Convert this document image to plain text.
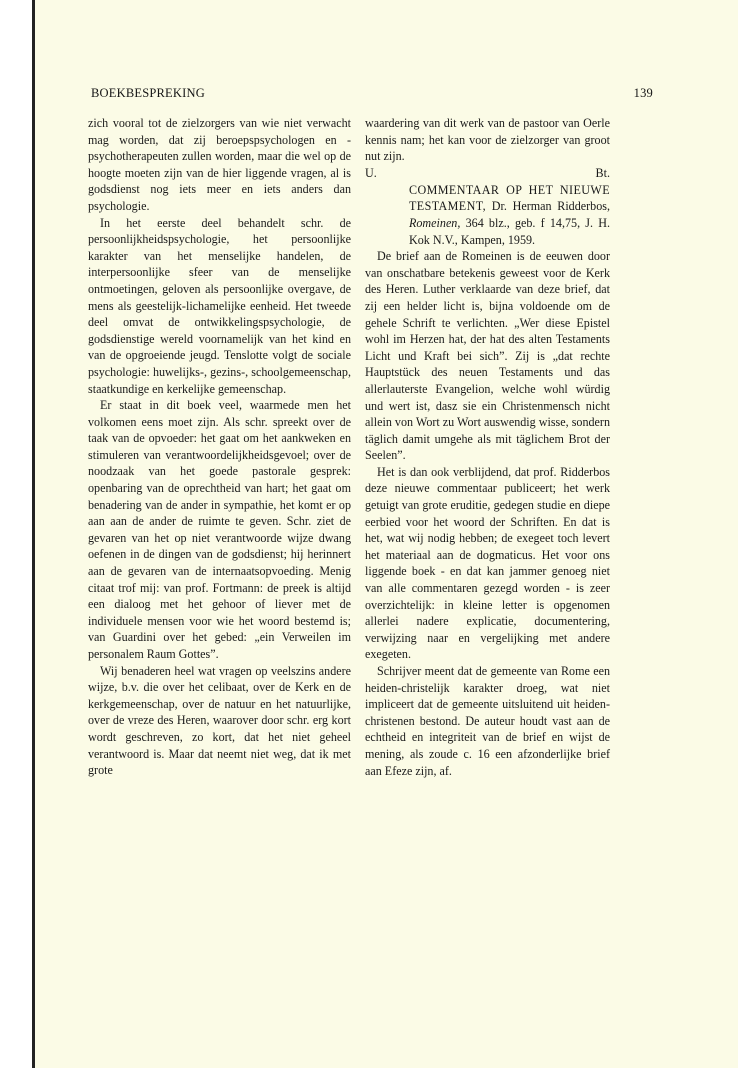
BOEKBESPREKING	139

zich vooral tot de zielzorgers van wie niet verwacht mag worden, dat zij beroepspsychologen en -psychotherapeuten zullen worden, maar die wel op de hoogte moeten zijn van de hier liggende vragen, al is godsdienst nog iets meer en iets anders dan psychologie.

In het eerste deel behandelt schr. de persoonlijkheidspsychologie, het persoonlijke karakter van het menselijke handelen, de interpersoonlijke sfeer van de menselijke ontmoetingen, geloven als persoonlijke overgave, de mens als geestelijk-lichamelijke eenheid. Het tweede deel omvat de ontwikkelingspsychologie, de godsdienstige wereld voornamelijk van het kind en van de opgroeiende jeugd. Tenslotte volgt de sociale psychologie: huwelijks-, gezins-, schoolgemeenschap, staatkundige en kerkelijke gemeenschap.

Er staat in dit boek veel, waarmede men het volkomen eens moet zijn. Als schr. spreekt over de taak van de opvoeder: het gaat om het aankweken en stimuleren van verantwoordelijkheidsgevoel; over de noodzaak van het goede pastorale gesprek: openbaring van de oprechtheid van hart; het gaat om benadering van de ander in sympathie, het komt er op aan aan de ander de ruimte te geven. Schr. ziet de gevaren van het op niet verantwoorde wijze dwang oefenen in de dingen van de godsdienst; hij herinnert aan de gevaren van de internaatsopvoeding. Menig citaat trof mij: van prof. Fortmann: de preek is altijd een dialoog met het gehoor of liever met de individuele mensen voor wie het woord bestemd is; van Guardini over het gebed: „ein Verweilen im personalem Raum Gottes”.

Wij benaderen heel wat vragen op veelszins andere wijze, b.v. die over het celibaat, over de Kerk en de kerkgemeenschap, over de natuur en het natuurlijke, over de vreze des Heren, waarover door schr. erg kort wordt geschreven, zo kort, dat het niet geheel verantwoord is. Maar dat neemt niet weg, dat ik met grote

waardering van dit werk van de pastoor van Oerle kennis nam; het kan voor de zielzorger van groot nut zijn.

U.	Bt.

COMMENTAAR OP HET NIEUWE TESTAMENT, Dr. Herman Ridderbos, Romeinen, 364 blz., geb. f 14,75, J. H. Kok N.V., Kampen, 1959.

De brief aan de Romeinen is de eeuwen door van onschatbare betekenis geweest voor de Kerk des Heren. Luther verklaarde van deze brief, dat zij een helder licht is, bijna voldoende om de gehele Schrift te verlichten. „Wer diese Epistel wohl im Herzen hat, der hat des alten Testaments Licht und Kraft bei sich”. Zij is „dat rechte Hauptstück des neuen Testaments und das allerlauterste Evangelion, welche wohl würdig und wert ist, dasz sie ein Christenmensch nicht allein von Wort zu Wort auswendig wisse, sondern täglich damit umgehe als mit täglichem Brot der Seelen”.

Het is dan ook verblijdend, dat prof. Ridderbos deze nieuwe commentaar publiceert; het werk getuigt van grote eruditie, gedegen studie en diepe eerbied voor het woord der Schriften. En dat is het, wat wij nodig hebben; de exegeet toch levert het materiaal aan de dogmaticus. Het voor ons liggende boek - en dat kan jammer genoeg niet van alle commentaren gezegd worden - is zeer overzichtelijk: in kleine letter is opgenomen allerlei nadere explicatie, documentering, verwijzing naar en vergelijking met andere exegeten.

Schrijver meent dat de gemeente van Rome een heiden-christelijk karakter droeg, wat niet impliceert dat de gemeente uitsluitend uit heiden-christenen bestond. De auteur houdt vast aan de echtheid en integriteit van de brief en wijst de mening, als zoude c. 16 een afzonderlijke brief aan Efeze zijn, af.
